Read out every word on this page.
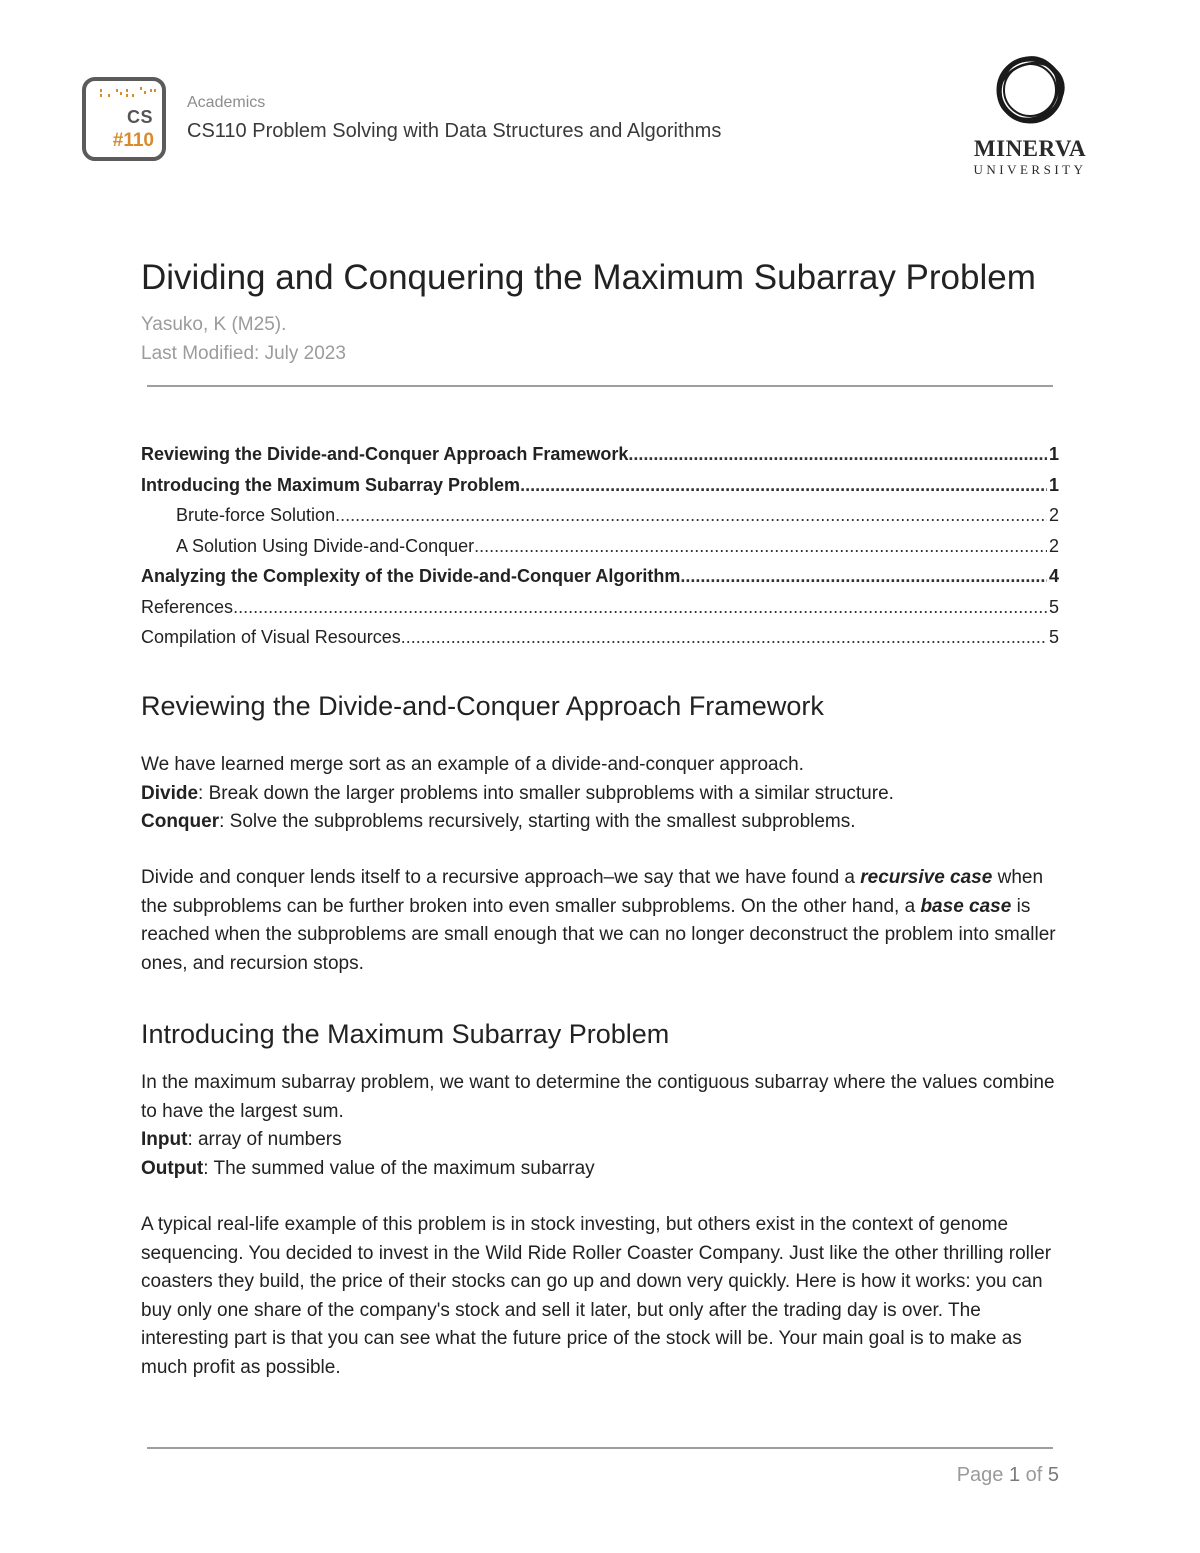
CS
#110
Academics
CS110 Problem Solving with Data Structures and Algorithms
MINERVA
UNIVERSITY
Dividing and Conquering the Maximum Subarray Problem
Yasuko, K (M25).
Last Modified: July 2023
Reviewing the Divide-and-Conquer Approach Framework .....	1
Introducing the Maximum Subarray Problem .....	1
Brute-force Solution .....	2
A Solution Using Divide-and-Conquer .....	2
Analyzing the Complexity of the Divide-and-Conquer Algorithm .....	4
References .....	5
Compilation of Visual Resources .....	5
Reviewing the Divide-and-Conquer Approach Framework
We have learned merge sort as an example of a divide-and-conquer approach.
Divide: Break down the larger problems into smaller subproblems with a similar structure.
Conquer: Solve the subproblems recursively, starting with the smallest subproblems.

Divide and conquer lends itself to a recursive approach–we say that we have found a recursive case when the subproblems can be further broken into even smaller subproblems. On the other hand, a base case is reached when the subproblems are small enough that we can no longer deconstruct the problem into smaller ones, and recursion stops.

Introducing the Maximum Subarray Problem
In the maximum subarray problem, we want to determine the contiguous subarray where the values combine to have the largest sum.
Input: array of numbers
Output: The summed value of the maximum subarray

A typical real-life example of this problem is in stock investing, but others exist in the context of genome sequencing. You decided to invest in the Wild Ride Roller Coaster Company. Just like the other thrilling roller coasters they build, the price of their stocks can go up and down very quickly. Here is how it works: you can buy only one share of the company's stock and sell it later, but only after the trading day is over. The interesting part is that you can see what the future price of the stock will be. Your main goal is to make as much profit as possible.

Page 1 of 5
